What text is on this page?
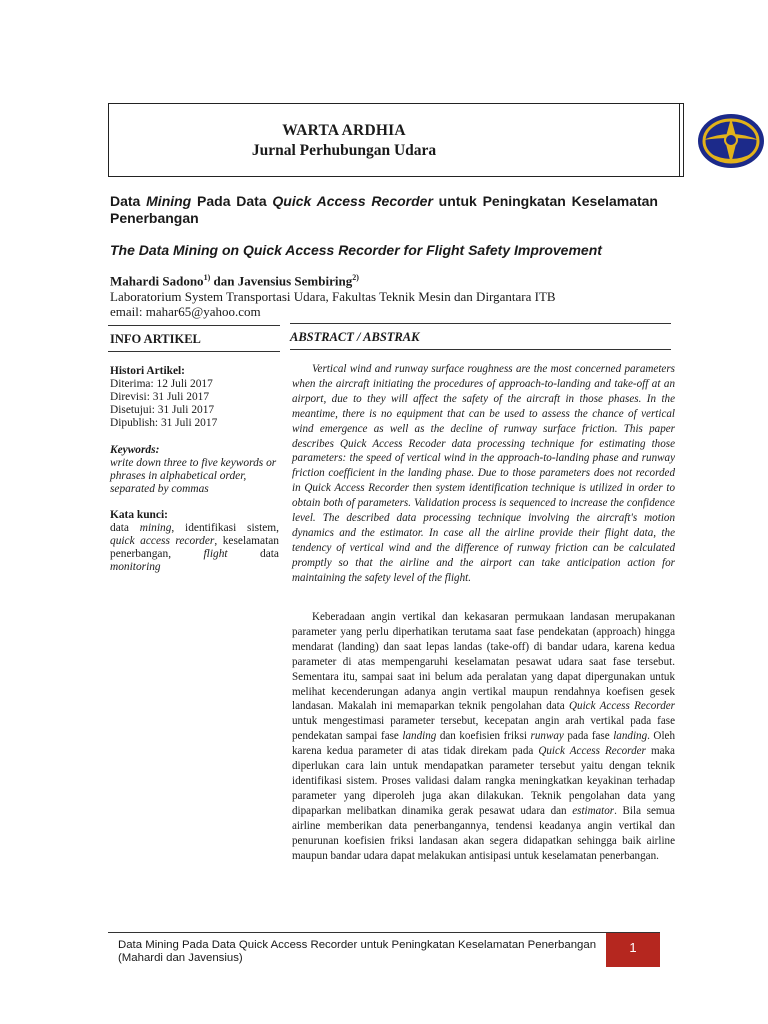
WARTA ARDHIA
Jurnal Perhubungan Udara
Data Mining Pada Data Quick Access Recorder untuk Peningkatan Keselamatan
Penerbangan
The Data Mining on Quick Access Recorder for Flight Safety Improvement
Mahardi Sadono$^{1)}$ dan Javensius Sembiring$^{2)}$
Laboratorium System Transportasi Udara, Fakultas Teknik Mesin dan Dirgantara ITB
email: mahar65@yahoo.com
INFO ARTIKEL	ABSTRACT / ABSTRAK
Histori Artikel:
Diterima: 12 Juli 2017
Direvisi: 31 Juli 2017
Disetujui: 31 Juli 2017
Dipublish: 31 Juli 2017
Keywords:
write down three to five keywords or phrases in alphabetical order, separated by commas
Kata kunci:
data mining, identifikasi sistem,
quick access recorder, keselamatan
penerbangan, flight data
monitoring
Vertical wind and runway surface roughness are the most concerned parameters when the aircraft initiating the procedures of approach-to-landing and take-off at an airport, due to they will affect the safety of the aircraft in those phases. In the meantime, there is no equipment that can be used to assess the chance of vertical wind emergence as well as the decline of runway surface friction. This paper describes Quick Access Recoder data processing technique for estimating those parameters: the speed of vertical wind in the approach-to-landing phase and runway friction coefficient in the landing phase. Due to those parameters does not recorded in Quick Access Recorder then system identification technique is utilized in order to obtain both of parameters. Validation process is sequenced to increase the confidence level. The described data processing technique involving the aircraft's motion dynamics and the estimator. In case all the airline provide their flight data, the tendency of vertical wind and the difference of runway friction can be calculated promptly so that the airline and the airport can take anticipation action for maintaining the safety level of the flight.
Keberadaan angin vertikal dan kekasaran permukaan landasan merupakanan parameter yang perlu diperhatikan terutama saat fase pendekatan (approach) hingga mendarat (landing) dan saat lepas landas (take-off) di bandar udara, karena kedua parameter di atas mempengaruhi keselamatan pesawat udara saat fase tersebut. Sementara itu, sampai saat ini belum ada peralatan yang dapat dipergunakan untuk melihat kecenderungan adanya angin vertikal maupun rendahnya koefisen gesek landasan. Makalah ini memaparkan teknik pengolahan data Quick Access Recorder untuk mengestimasi parameter tersebut, kecepatan angin arah vertikal pada fase pendekatan sampai fase landing dan koefisien friksi runway pada fase landing. Oleh karena kedua parameter di atas tidak direkam pada Quick Access Recorder maka diperlukan cara lain untuk mendapatkan parameter tersebut yaitu dengan teknik identifikasi sistem. Proses validasi dalam rangka meningkatkan keyakinan terhadap parameter yang diperoleh juga akan dilakukan. Teknik pengolahan data yang dipaparkan melibatkan dinamika gerak pesawat udara dan estimator. Bila semua airline memberikan data penerbangannya, tendensi keadanya angin vertikal dan penurunan koefisien friksi landasan akan segera didapatkan sehingga baik airline maupun bandar udara dapat melakukan antisipasi untuk keselamatan penerbangan.
Data Mining Pada Data Quick Access Recorder untuk Peningkatan Keselamatan Penerbangan
(Mahardi dan Javensius)
1
